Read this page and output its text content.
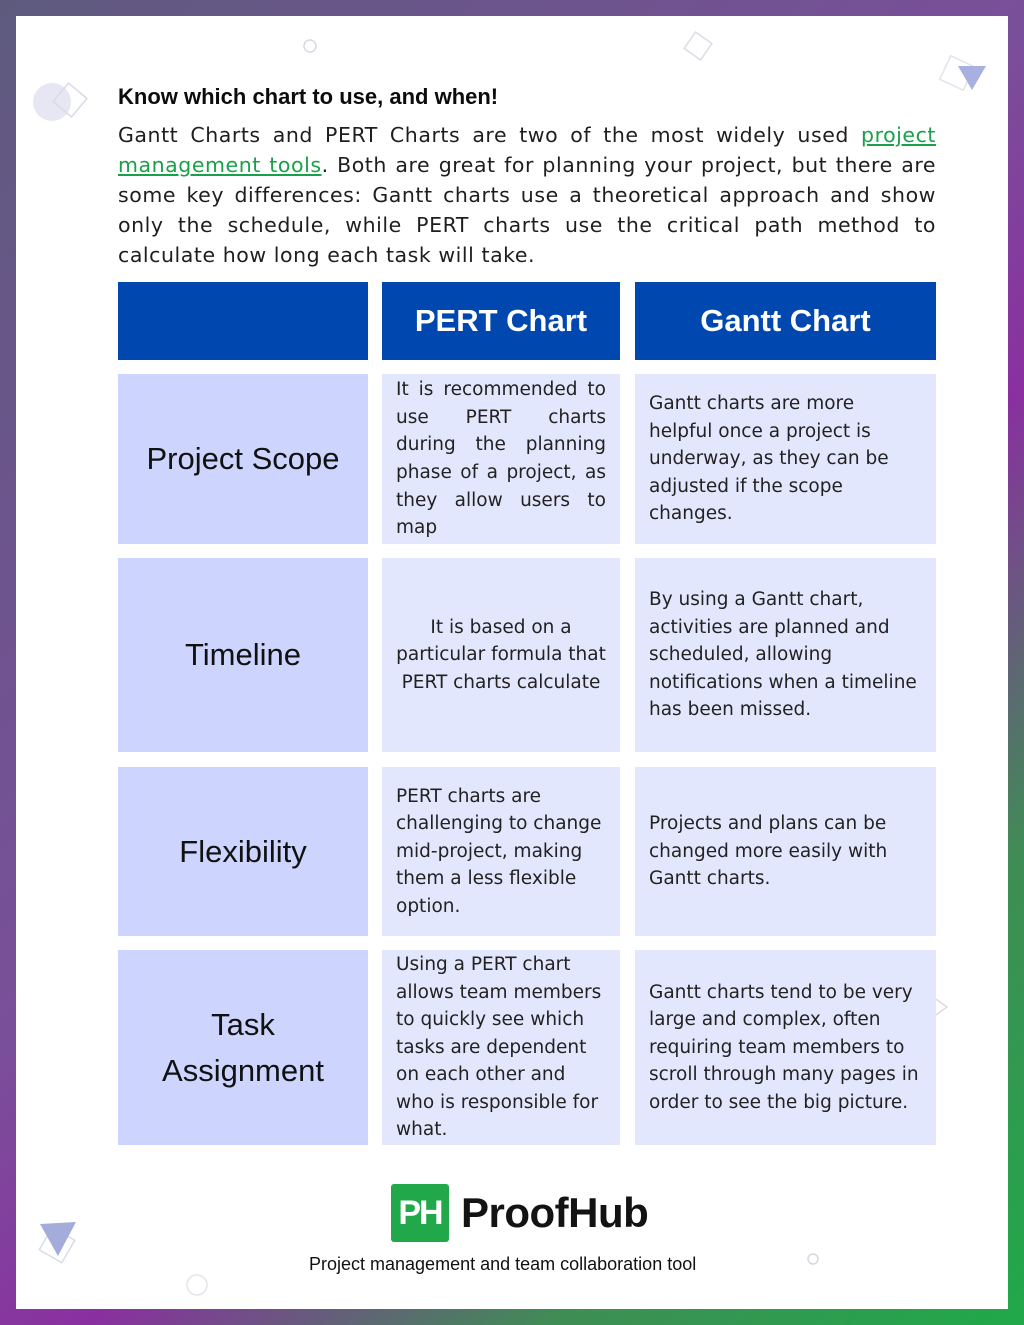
Know which chart to use, and when!

Gantt Charts and PERT Charts are two of the most widely used project management tools. Both are great for planning your project, but there are some key differences: Gantt charts use a theoretical approach and show only the schedule, while PERT charts use the critical path method to calculate how long each task will take.

PERT Chart	Gantt Chart
Project Scope
It is recommended to use PERT charts during the planning phase of a project, as they allow users to map
Gantt charts are more helpful once a project is underway, as they can be adjusted if the scope changes.
Timeline
It is based on a particular formula that PERT charts calculate
By using a Gantt chart, activities are planned and scheduled, allowing notifications when a timeline has been missed.
Flexibility
PERT charts are challenging to change mid-project, making them a less flexible option.
Projects and plans can be changed more easily with Gantt charts.
Task Assignment
Using a PERT chart allows team members to quickly see which tasks are dependent on each other and who is responsible for what.
Gantt charts tend to be very large and complex, often requiring team members to scroll through many pages in order to see the big picture.
PH ProofHub
Project management and team collaboration tool
